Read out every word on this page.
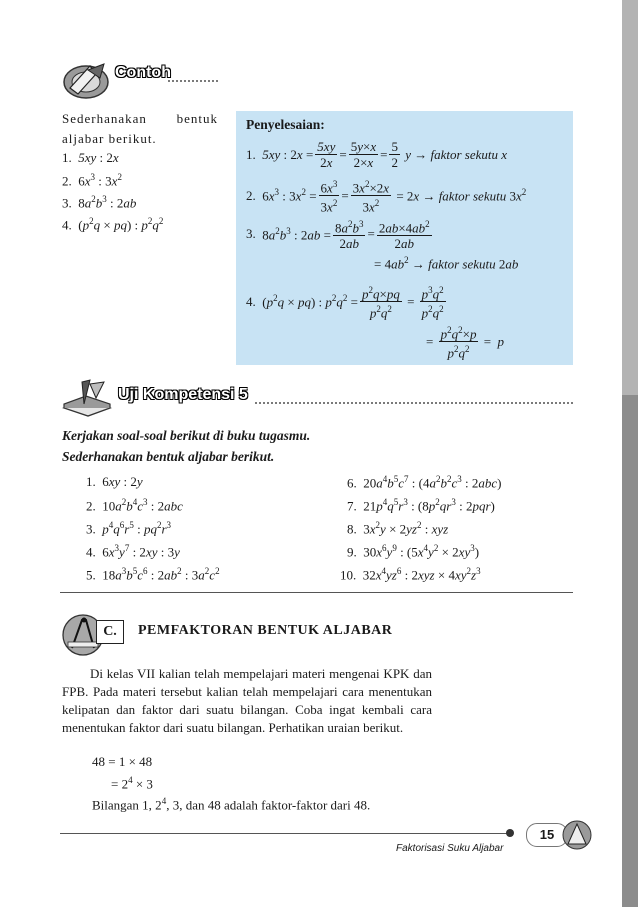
Contoh
Sederhanakan bentuk aljabar berikut.
1. 5xy : 2x
2.  $6x^3$ : $3x^2$
3.  $8a^2b^3$ : 2ab
4.  $(p^2q \times pq)$ : $p^2q^2$
Penyelesaian:
1.
5xy : $2x = \frac{5xy}{2x} = \frac{5y\times x}{2\times x} = \frac{5}{2}$ y → faktor sekutu x
2.
$6x^3$ : $3x^2 = \frac{6x^3}{3x^2} = \frac{3x^2\times 2x}{3x^2} = 2x$ → faktor sekutu $3x^2$
3.
$8a^2b^3$ : $2ab = \frac{8a^2b^3}{2ab} = \frac{2ab\times 4ab^2}{2ab}$
= $4ab^2$ → faktor sekutu 2ab
4.
$(p^2q \times pq)$ : $p^2q^2 = \frac{p^2q\times pq}{p^2q^2} = \frac{p^3q^2}{p^2q^2}$
= $\frac{p^2q^2\times p}{p^2q^2} = p$
Uji Kompetensi 5
Kerjakan soal-soal berikut di buku tugasmu.
Sederhanakan bentuk aljabar berikut.
1.  6xy : 2y
2.  $10a^2b^4c^3$ : 2abc
3. $p^4q^6r^5$ : $pq^2r^3$
4.  $6x^3y^7$ : 2xy : 3y
5.  $18a^3b^5c^6$ : $2ab^2$ : $3a^2c^2$
6.  $20a^4b^5c^7$ : ($4a^2b^2c^3$ : 2abc)
7.  $21p^4q^5r^3$ : ($8p^2qr^3$ : 2pqr)
8.  $3x^2y \times 2yz^2$ : xyz
9.  $30x^6y^9$ : $(5x^4y^2 \times 2xy^3)$
10.  $32x^4yz^6$ : $2xyz \times 4xy^2z^3$
C.	PEMFAKTORAN BENTUK ALJABAR
Di kelas VII kalian telah mempelajari materi mengenai KPK dan FPB. Pada materi tersebut kalian telah mempelajari cara menentukan kelipatan dan faktor dari suatu bilangan. Coba ingat kembali cara menentukan faktor dari suatu bilangan. Perhatikan uraian berikut.
48 = 1 × 48
= $2^4 \times 3$
Bilangan 1, $2^4$, 3, dan 48 adalah faktor-faktor dari 48.
Faktorisasi Suku Aljabar
15
